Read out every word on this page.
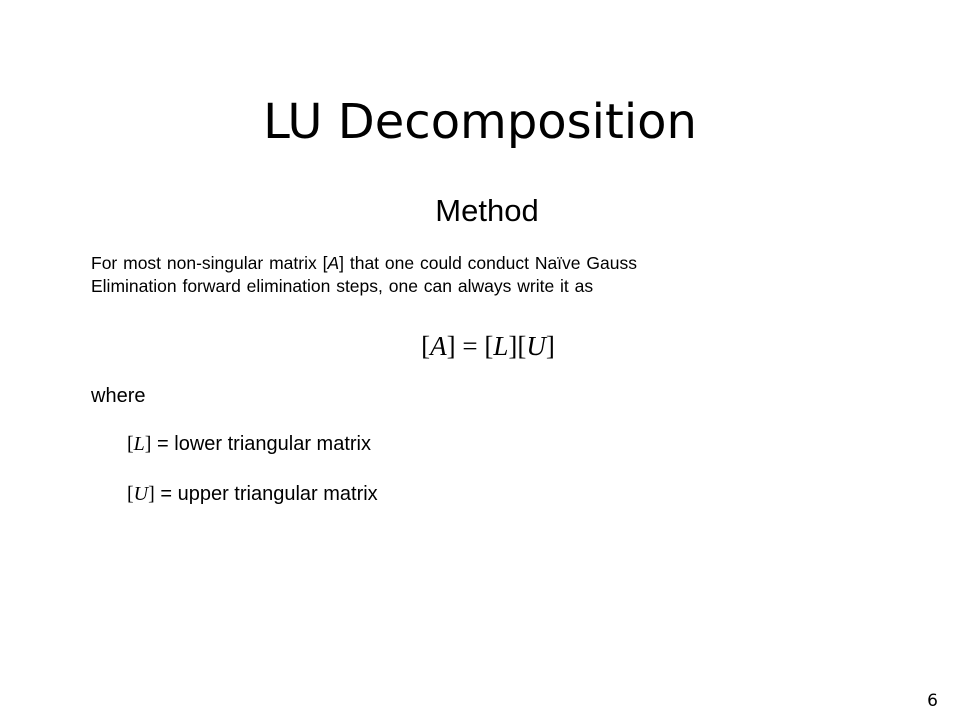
LU Decomposition
Method
For most non-singular matrix [A] that one could conduct Naïve Gauss
Elimination forward elimination steps, one can always write it as
[A] = [L][U]
where
[L] = lower triangular matrix
[U] = upper triangular matrix
6
